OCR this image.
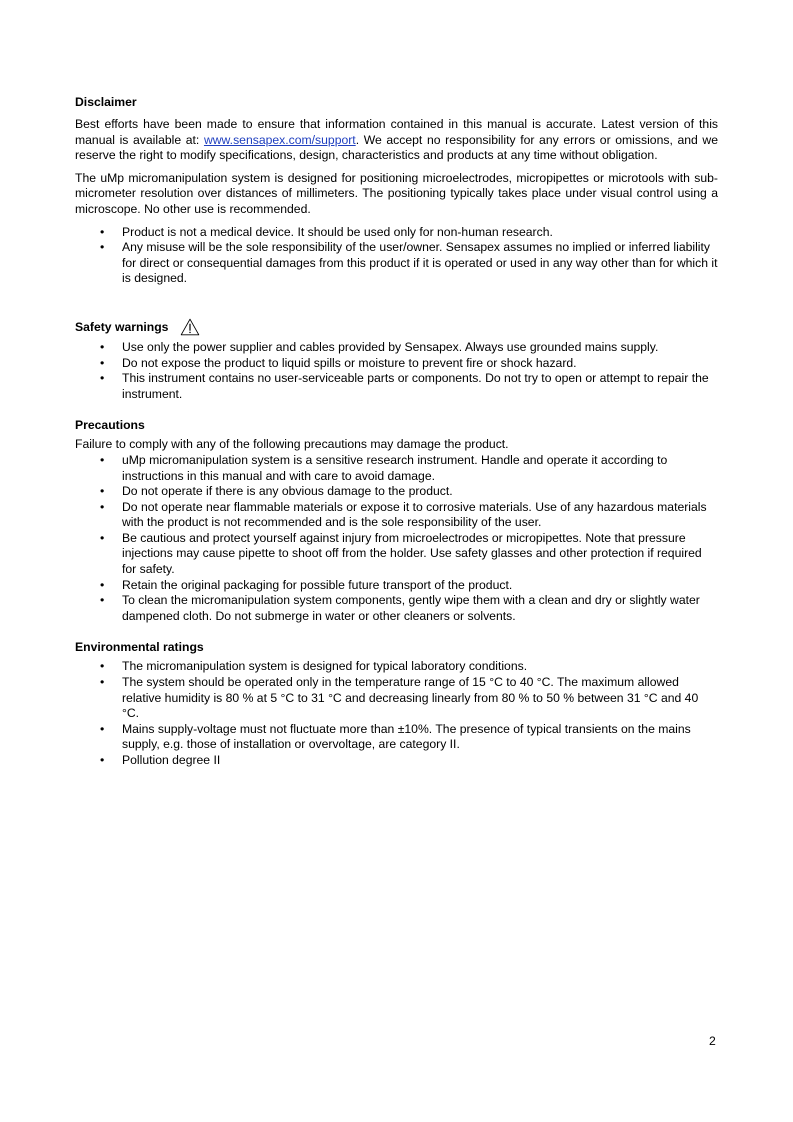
Disclaimer

Best efforts have been made to ensure that information contained in this manual is accurate. Latest version of this manual is available at: www.sensapex.com/support. We accept no responsibility for any errors or omissions, and we reserve the right to modify specifications, design, characteristics and products at any time without obligation.

The uMp micromanipulation system is designed for positioning microelectrodes, micropipettes or microtools with sub-micrometer resolution over distances of millimeters. The positioning typically takes place under visual control using a microscope. No other use is recommended.

• Product is not a medical device. It should be used only for non-human research.
• Any misuse will be the sole responsibility of the user/owner. Sensapex assumes no implied or inferred liability for direct or consequential damages from this product if it is operated or used in any way other than for which it is designed.
Safety warnings
• Use only the power supplier and cables provided by Sensapex. Always use grounded mains supply.
• Do not expose the product to liquid spills or moisture to prevent fire or shock hazard.
• This instrument contains no user-serviceable parts or components. Do not try to open or attempt to repair the instrument.
Precautions

Failure to comply with any of the following precautions may damage the product.

• uMp micromanipulation system is a sensitive research instrument. Handle and operate it according to instructions in this manual and with care to avoid damage.
• Do not operate if there is any obvious damage to the product.
• Do not operate near flammable materials or expose it to corrosive materials. Use of any hazardous materials with the product is not recommended and is the sole responsibility of the user.
• Be cautious and protect yourself against injury from microelectrodes or micropipettes. Note that pressure injections may cause pipette to shoot off from the holder. Use safety glasses and other protection if required for safety.
• Retain the original packaging for possible future transport of the product.
• To clean the micromanipulation system components, gently wipe them with a clean and dry or slightly water dampened cloth. Do not submerge in water or other cleaners or solvents.
Environmental ratings
• The micromanipulation system is designed for typical laboratory conditions.
• The system should be operated only in the temperature range of 15 °C to 40 °C. The maximum allowed relative humidity is 80 % at 5 °C to 31 °C and decreasing linearly from 80 % to 50 % between 31 °C and 40 °C.
• Mains supply-voltage must not fluctuate more than ±10%. The presence of typical transients on the mains supply, e.g. those of installation or overvoltage, are category II.
• Pollution degree II
2
